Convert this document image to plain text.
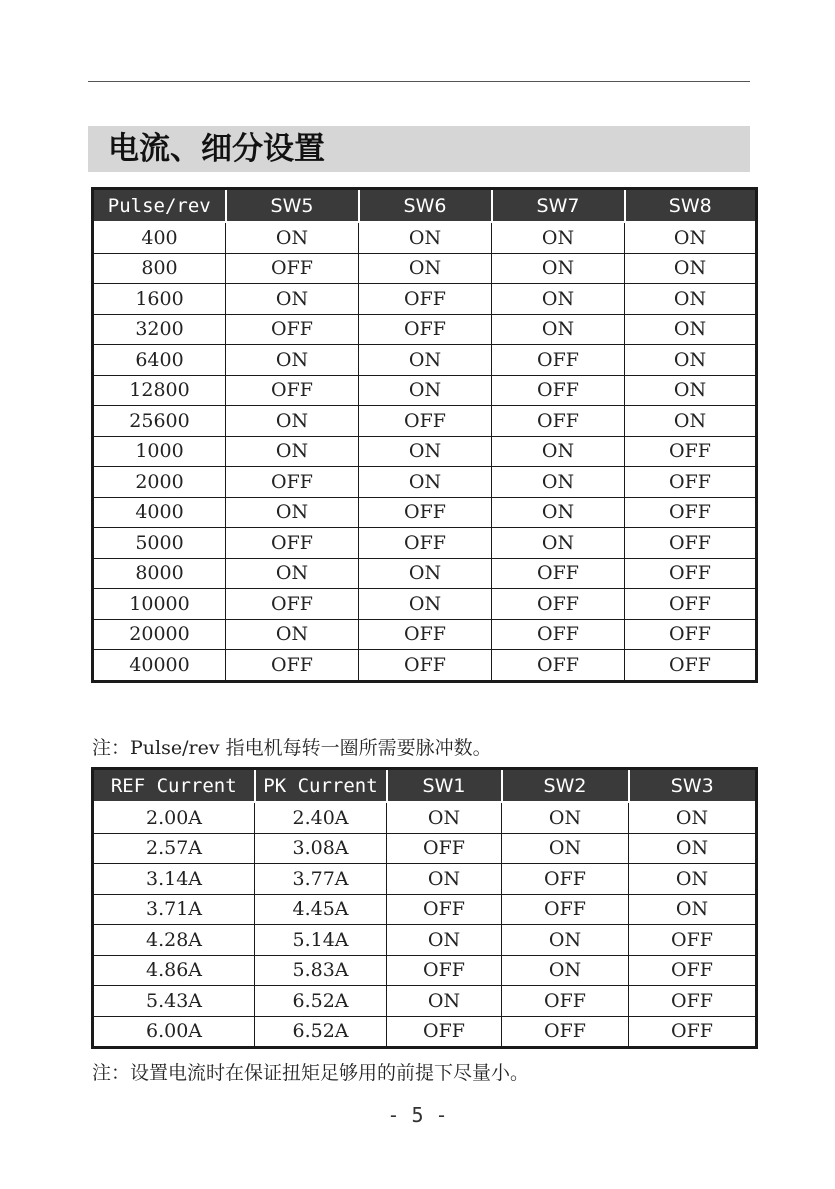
电流、细分设置
Pulse/rev	SW5	SW6	SW7	SW8
400	ON	ON	ON	ON
800	OFF	ON	ON	ON
1600	ON	OFF	ON	ON
3200	OFF	OFF	ON	ON
6400	ON	ON	OFF	ON
12800	OFF	ON	OFF	ON
25600	ON	OFF	OFF	ON
1000	ON	ON	ON	OFF
2000	OFF	ON	ON	OFF
4000	ON	OFF	ON	OFF
5000	OFF	OFF	ON	OFF
8000	ON	ON	OFF	OFF
10000	OFF	ON	OFF	OFF
20000	ON	OFF	OFF	OFF
40000	OFF	OFF	OFF	OFF
注：Pulse/rev 指电机每转一圈所需要脉冲数。
REF Current	PK Current	SW1	SW2	SW3
2.00A	2.40A	ON	ON	ON
2.57A	3.08A	OFF	ON	ON
3.14A	3.77A	ON	OFF	ON
3.71A	4.45A	OFF	OFF	ON
4.28A	5.14A	ON	ON	OFF
4.86A	5.83A	OFF	ON	OFF
5.43A	6.52A	ON	OFF	OFF
6.00A	6.52A	OFF	OFF	OFF
注：设置电流时在保证扭矩足够用的前提下尽量小。
- 5 -
